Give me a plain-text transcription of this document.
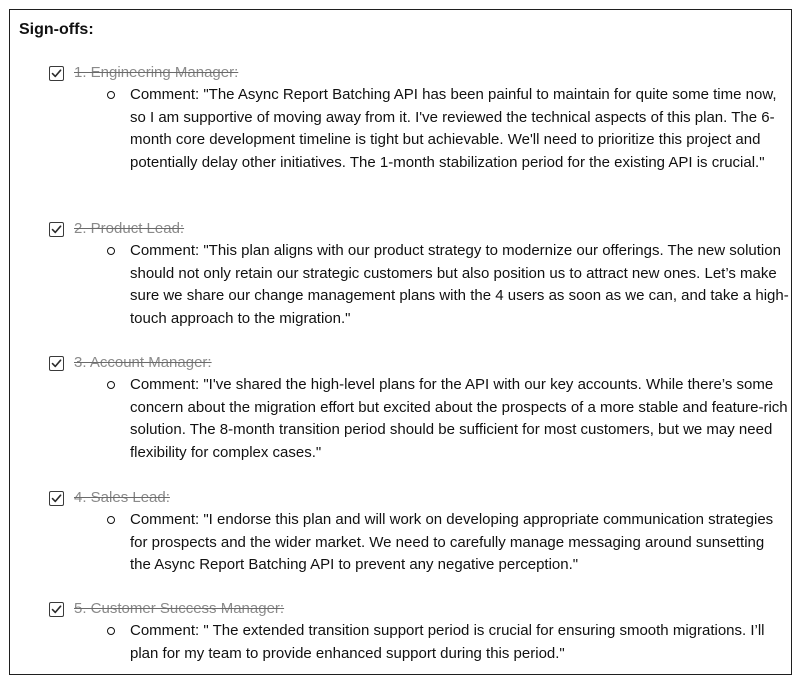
Sign-offs:
1. Engineering Manager:
Comment: "The Async Report Batching API has been painful to maintain for quite some time now, so I am supportive of moving away from it. I've reviewed the technical aspects of this plan. The 6-month core development timeline is tight but achievable. We'll need to prioritize this project and potentially delay other initiatives. The 1-month stabilization period for the existing API is crucial."
2. Product Lead:
Comment: "This plan aligns with our product strategy to modernize our offerings. The new solution should not only retain our strategic customers but also position us to attract new ones. Let’s make sure we share our change management plans with the 4 users as soon as we can, and take a high-touch approach to the migration."
3. Account Manager:
Comment: "I've shared the high-level plans for the API with our key accounts. While there’s some concern about the migration effort but excited about the prospects of a more stable and feature-rich solution. The 8-month transition period should be sufficient for most customers, but we may need flexibility for complex cases."
4. Sales Lead:
Comment: "I endorse this plan and will work on developing appropriate communication strategies for prospects and the wider market. We need to carefully manage messaging around sunsetting the Async Report Batching API to prevent any negative perception."
5. Customer Success Manager:
Comment: " The extended transition support period is crucial for ensuring smooth migrations. I’ll plan for my team to provide enhanced support during this period."
